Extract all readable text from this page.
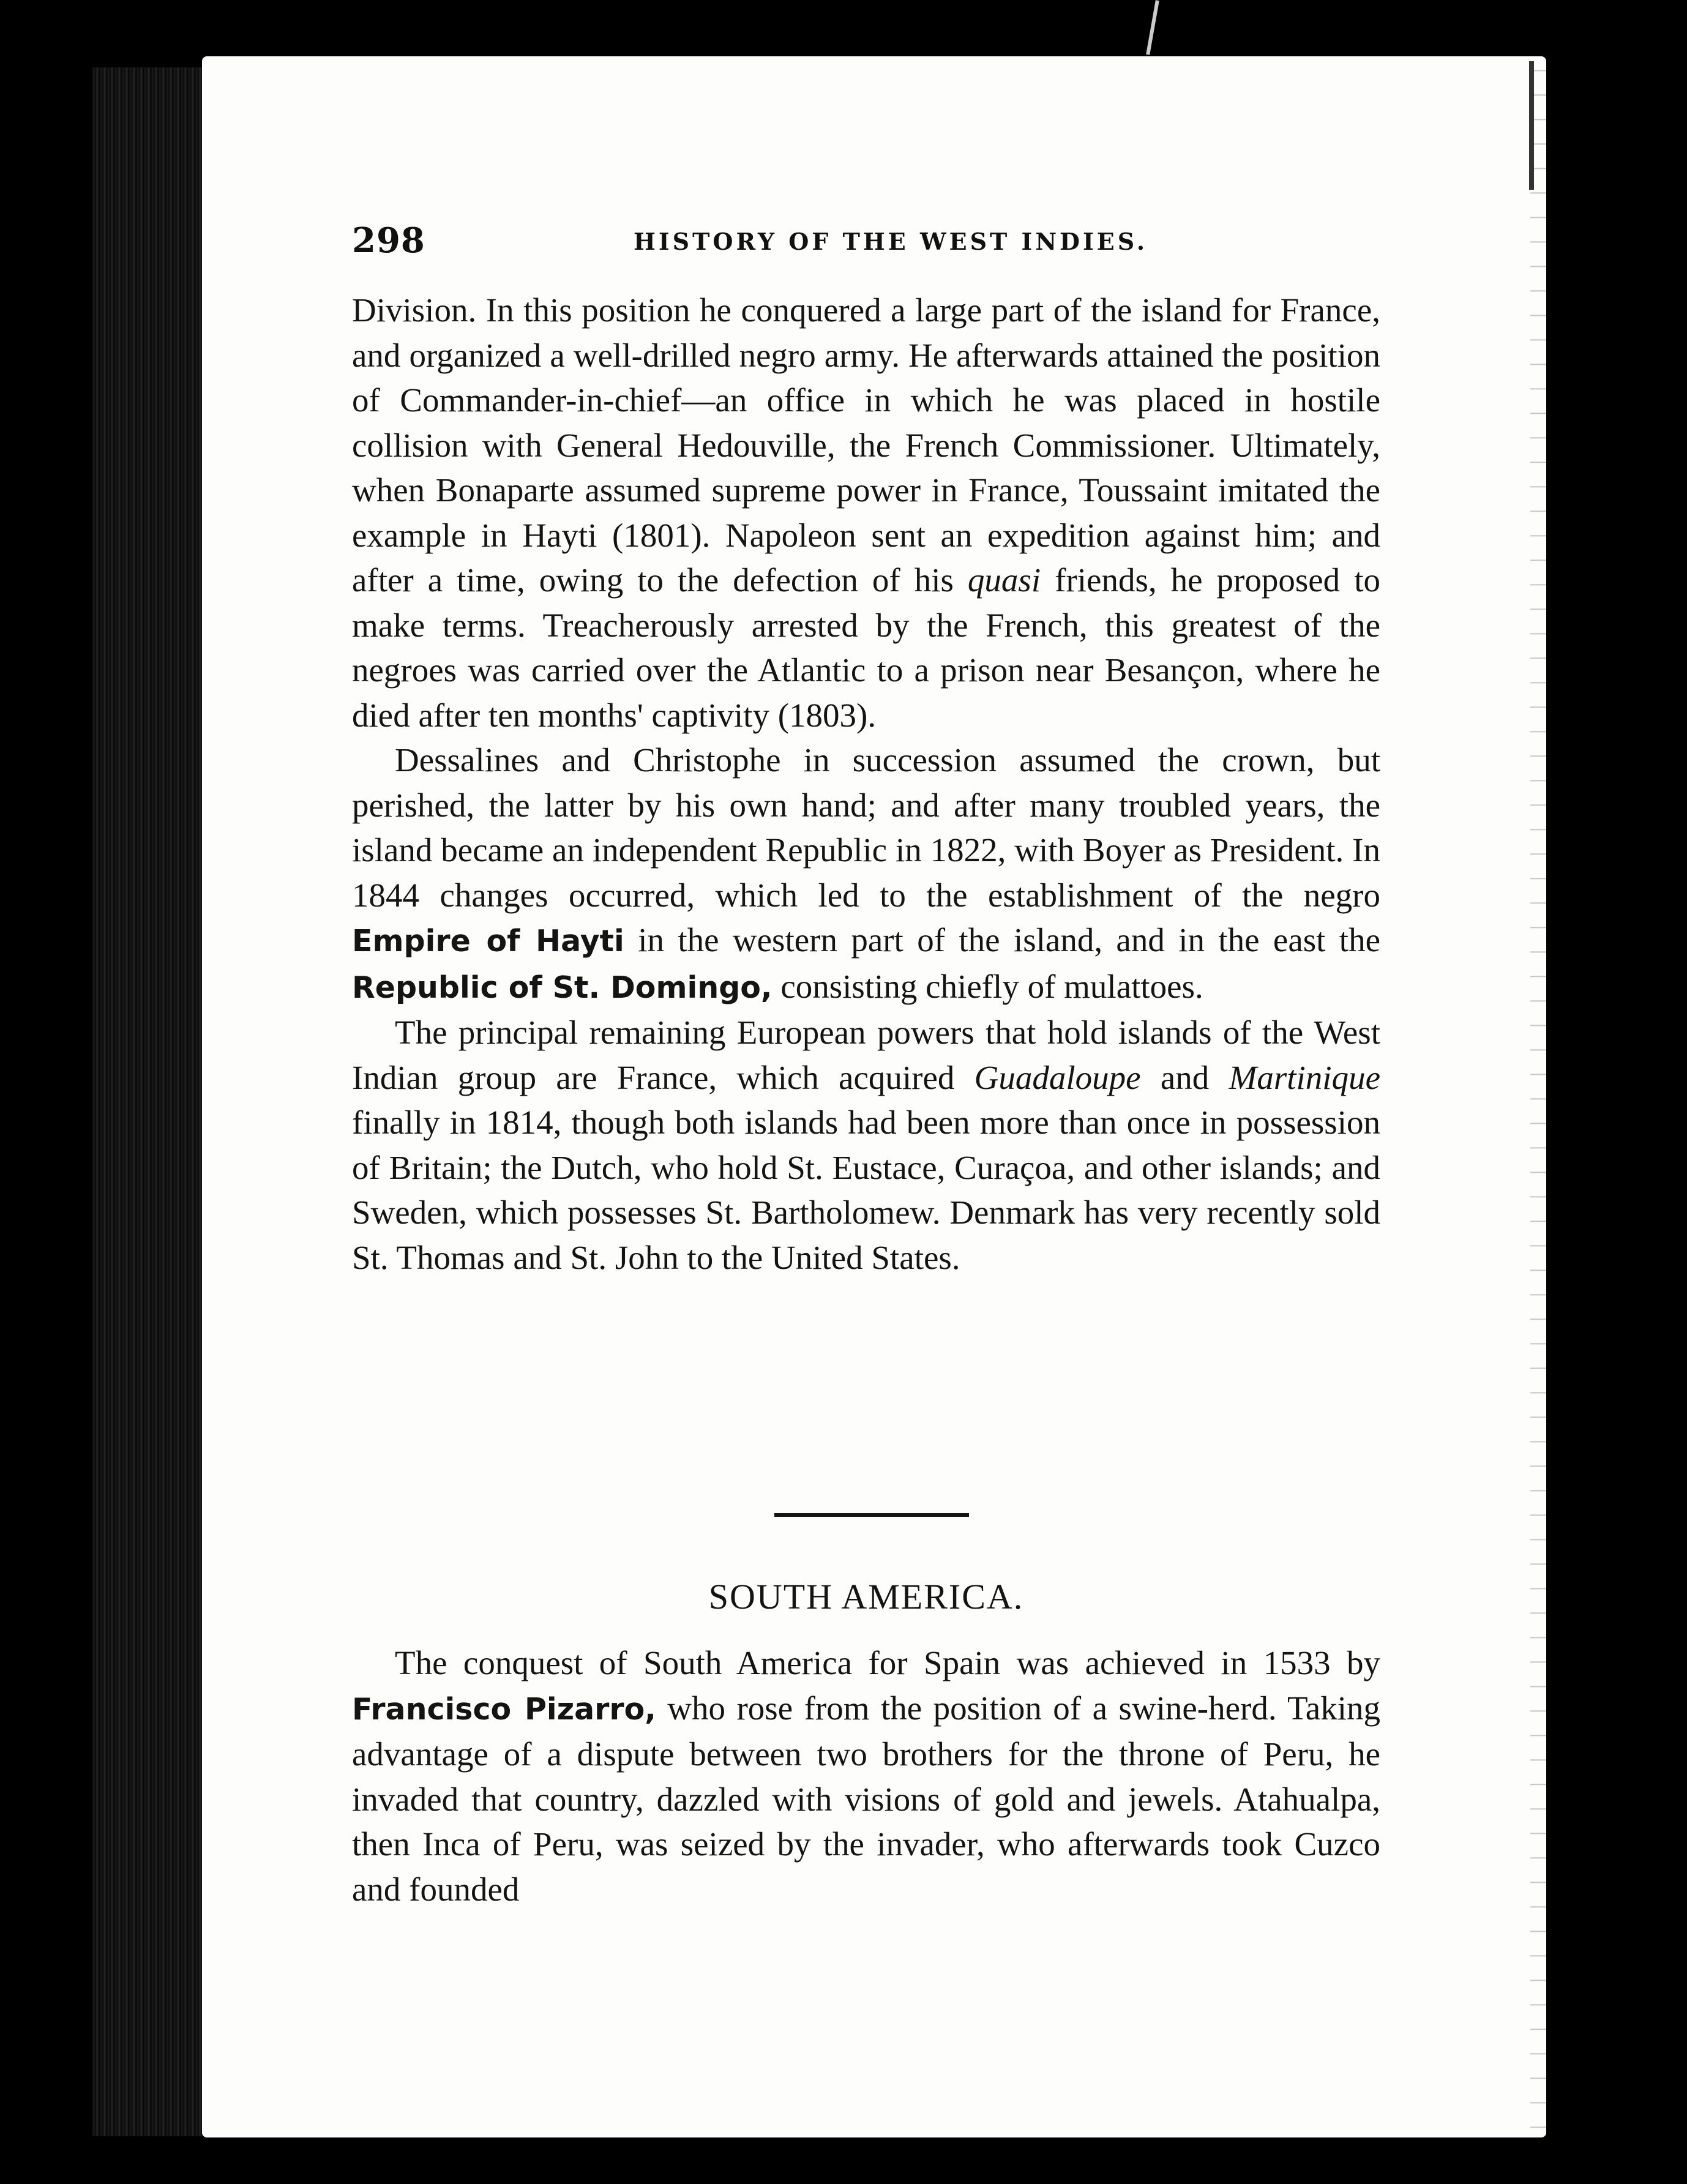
298	HISTORY OF THE WEST INDIES.

Division. In this position he conquered a large part of the island for France, and organized a well-drilled negro army. He afterwards attained the position of Commander-in-chief—an office in which he was placed in hostile collision with General Hedouville, the French Commissioner. Ultimately, when Bonaparte assumed supreme power in France, Toussaint imitated the example in Hayti (1801). Napoleon sent an expedition against him; and after a time, owing to the defection of his quasi friends, he proposed to make terms. Treacherously arrested by the French, this greatest of the negroes was carried over the Atlantic to a prison near Besançon, where he died after ten months' captivity (1803).

Dessalines and Christophe in succession assumed the crown, but perished, the latter by his own hand; and after many troubled years, the island became an independent Republic in 1822, with Boyer as President. In 1844 changes occurred, which led to the establishment of the negro Empire of Hayti in the western part of the island, and in the east the Republic of St. Domingo, consisting chiefly of mulattoes.

The principal remaining European powers that hold islands of the West Indian group are France, which acquired Guadaloupe and Martinique finally in 1814, though both islands had been more than once in possession of Britain; the Dutch, who hold St. Eustace, Curaçoa, and other islands; and Sweden, which possesses St. Bartholomew. Denmark has very recently sold St. Thomas and St. John to the United States.

SOUTH AMERICA.

The conquest of South America for Spain was achieved in 1533 by Francisco Pizarro, who rose from the position of a swine-herd. Taking advantage of a dispute between two brothers for the throne of Peru, he invaded that country, dazzled with visions of gold and jewels. Atahualpa, then Inca of Peru, was seized by the invader, who afterwards took Cuzco and founded
